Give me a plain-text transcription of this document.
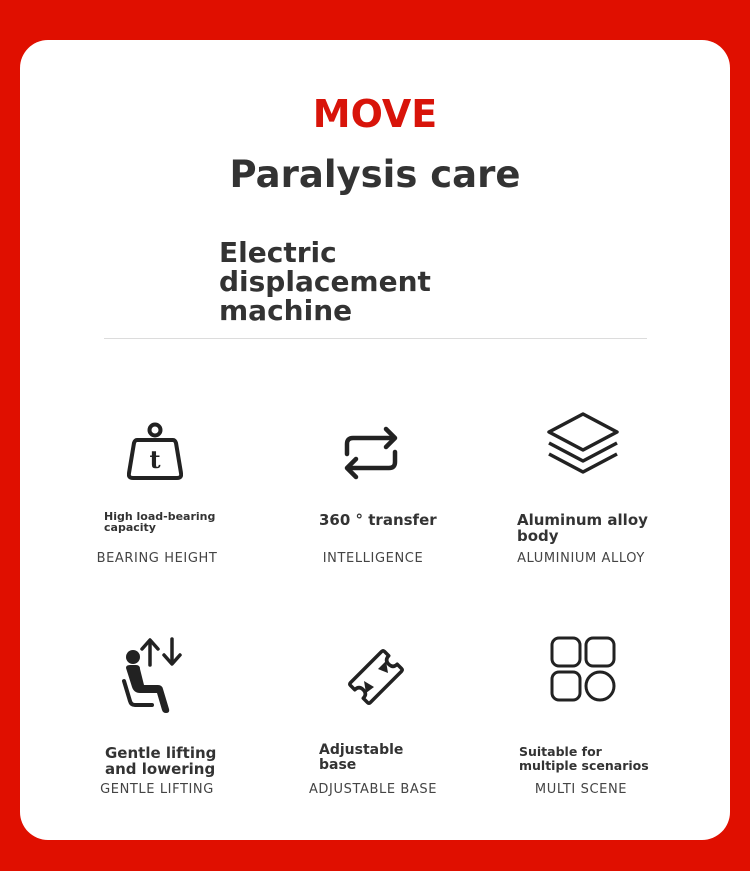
MOVE
Paralysis care
Electric displacement machine
t
High load-bearing capacity
BEARING HEIGHT
360 ° transfer
INTELLIGENCE
Aluminum alloy body
ALUMINIUM ALLOY
Gentle lifting and lowering
GENTLE LIFTING
Adjustable base
ADJUSTABLE BASE
Suitable for multiple scenarios
MULTI SCENE
